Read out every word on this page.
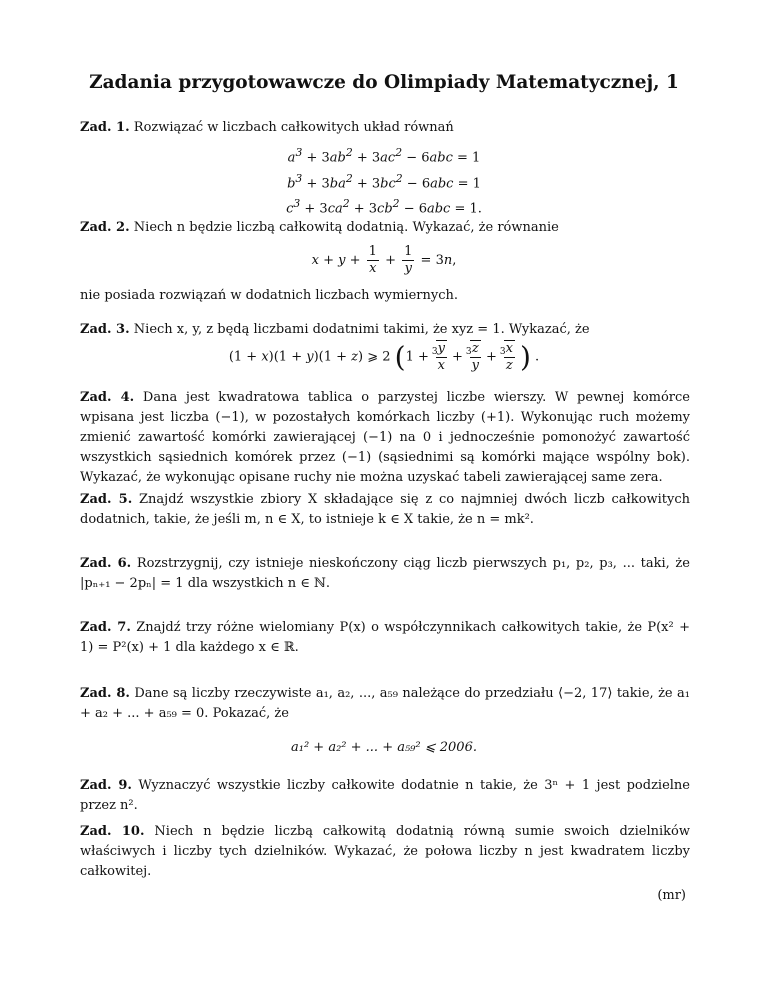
Zadania przygotowawcze do Olimpiady Matematycznej, 1

Zad. 1. Rozwiązać w liczbach całkowitych układ równań

$a^3 + 3ab^2 + 3ac^2 - 6abc = 1$
$b^3 + 3ba^2 + 3bc^2 - 6abc = 1$
$c^3 + 3ca^2 + 3cb^2 - 6abc = 1$.

Zad. 2. Niech n będzie liczbą całkowitą dodatnią. Wykazać, że równanie

$x + y + \frac{1}{x} + \frac{1}{y} = 3n$,

nie posiada rozwiązań w dodatnich liczbach wymiernych.

Zad. 3. Niech x, y, z będą liczbami dodatnimi takimi, że xyz = 1. Wykazać, że

(1 + x)(1 + y)(1 + z) ⩾ 2 (1 + $^3$
$\frac{y}{x} + ^3$
$\frac{z}{y} + ^3$
$\frac{x}{z}$ ) .

Zad. 4. Dana jest kwadratowa tablica o parzystej liczbe wierszy. W pewnej komórce wpisana jest liczba (−1), w pozostałych komórkach liczby (+1). Wykonując ruch możemy zmienić zawartość komórki zawierającej (−1) na 0 i jednocześnie pomonożyć zawartość wszystkich sąsiednich komórek przez (−1) (sąsiednimi są komórki mające wspólny bok). Wykazać, że wykonując opisane ruchy nie można uzyskać tabeli zawierającej same zera.

Zad. 5. Znajdź wszystkie zbiory X składające się z co najmniej dwóch liczb całkowitych dodatnich, takie, że jeśli m, n ∈ X, to istnieje k ∈ X takie, że n = mk².

Zad. 6. Rozstrzygnij, czy istnieje nieskończony ciąg liczb pierwszych p₁, p₂, p₃, ... taki, że |pₙ₊₁ − 2pₙ| = 1 dla wszystkich n ∈ ℕ.

Zad. 7. Znajdź trzy różne wielomiany P(x) o współczynnikach całkowitych takie, że P(x² + 1) = P²(x) + 1 dla każdego x ∈ ℝ.

Zad. 8. Dane są liczby rzeczywiste a₁, a₂, ..., a₅₉ należące do przedziału ⟨−2, 17⟩ takie, że a₁ + a₂ + ... + a₅₉ = 0. Pokazać, że

a₁² + a₂² + ... + a₅₉² ⩽ 2006.

Zad. 9. Wyznaczyć wszystkie liczby całkowite dodatnie n takie, że 3ⁿ + 1 jest podzielne przez n².

Zad. 10. Niech n będzie liczbą całkowitą dodatnią równą sumie swoich dzielników właściwych i liczby tych dzielników. Wykazać, że połowa liczby n jest kwadratem liczby całkowitej.

(mr)
